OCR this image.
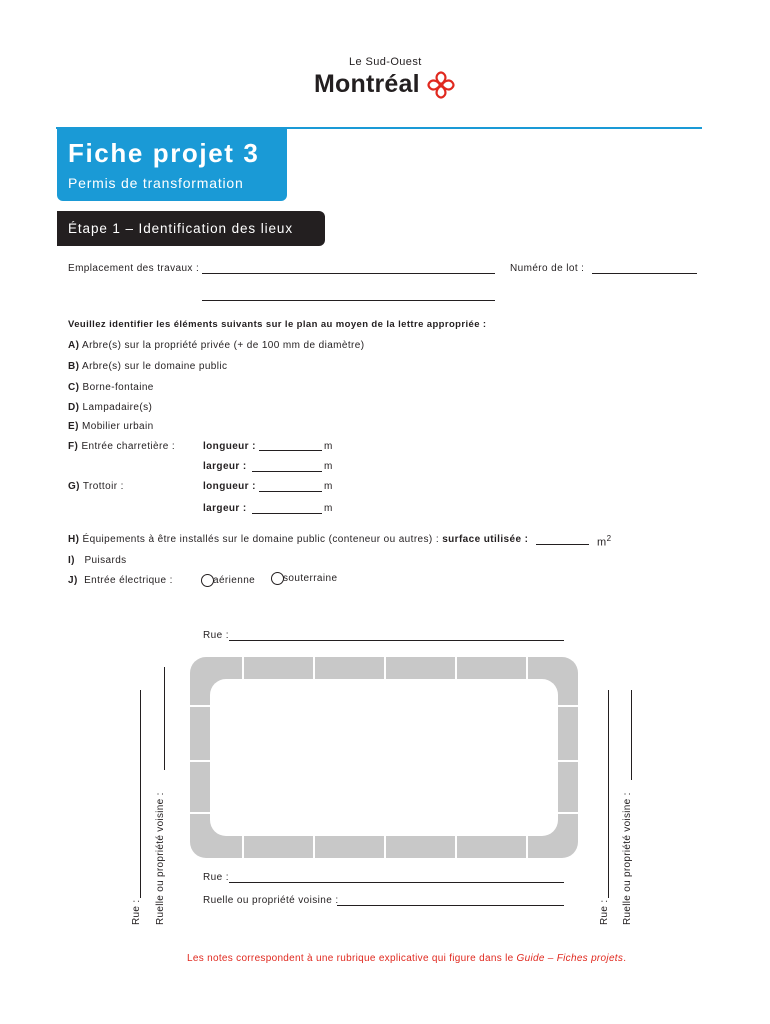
Le Sud-Ouest
Montréal
Fiche projet 3
Permis de transformation
Étape 1 – Identification des lieux
Emplacement des travaux :	Numéro de lot :
Veuillez identifier les éléments suivants sur le plan au moyen de la lettre appropriée :
A) Arbre(s) sur la propriété privée (+ de 100 mm de diamètre)
B) Arbre(s) sur le domaine public
C) Borne-fontaine
D) Lampadaire(s)
E) Mobilier urbain
F) Entrée charretière :	longueur :	m
largeur :	m
G) Trottoir :	longueur :	m
largeur :	m
H) Équipements à être installés sur le domaine public (conteneur ou autres) : surface utilisée :	$m^2$
I) Puisards
J) Entrée électrique :	aérienne	souterraine
Rue :
Rue :
Ruelle ou propriété voisine :
Rue : Ruelle ou propriété voisine :	Rue : Ruelle ou propriété voisine :
Les notes correspondent à une rubrique explicative qui figure dans le Guide – Fiches projets.
